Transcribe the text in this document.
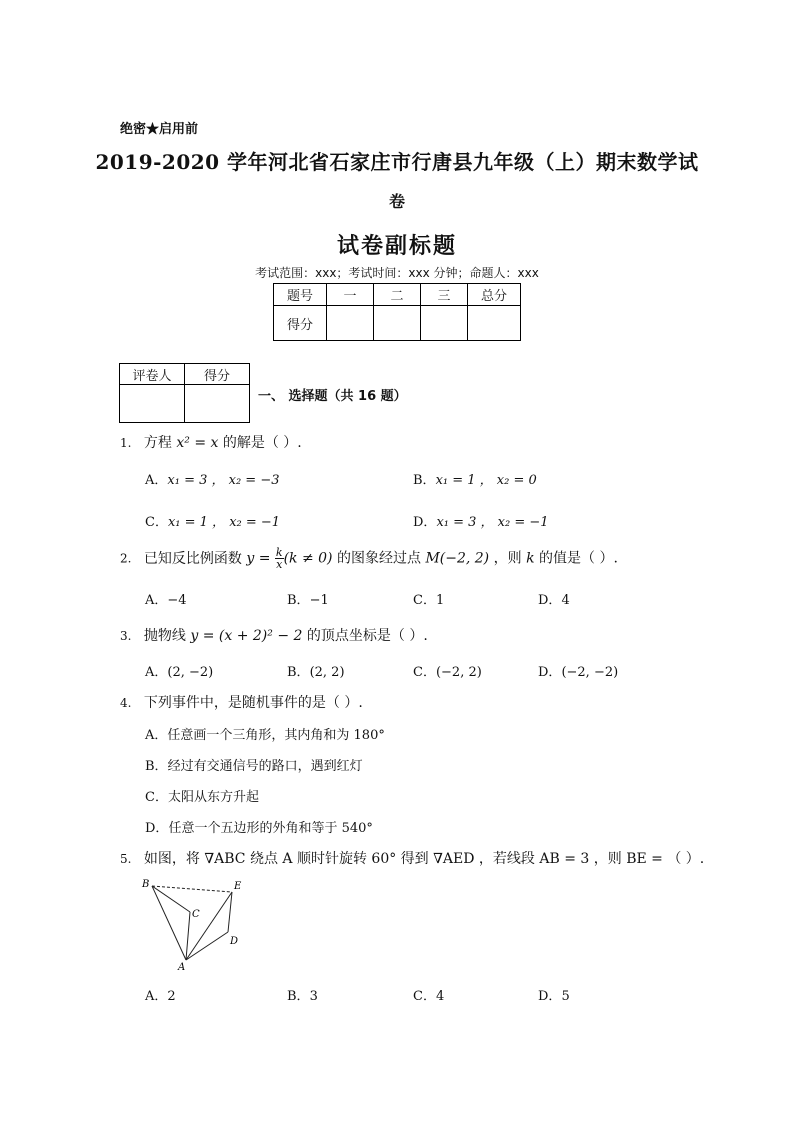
绝密★启用前
2019-2020 学年河北省石家庄市行唐县九年级（上）期末数学试
卷
试卷副标题
考试范围：xxx；考试时间：xxx 分钟；命题人：xxx
题号	一	二	三	总分
得分				
评卷人	得分

一、 选择题（共 16 题）
1. 方程 x² = x 的解是（ ）.
A．x₁ = 3 ， x₂ = −3	B．x₁ = 1 ， x₂ = 0
C．x₁ = 1 ， x₂ = −1	D．x₁ = 3 ， x₂ = −1
2. 已知反比例函数 $y = \frac{k}{x} (k \ne 0)$ 的图象经过点 M(−2, 2) ，则 k 的值是（ ）.
A．−4	B．−1	C．1	D．4
3. 抛物线 y = (x + 2)² − 2 的顶点坐标是（ ）.
A．(2, −2)	B．(2, 2)	C．(−2, 2)	D．(−2, −2)
4. 下列事件中，是随机事件的是（ ）.
A．任意画一个三角形，其内角和为 180°
B．经过有交通信号的路口，遇到红灯
C．太阳从东方升起
D．任意一个五边形的外角和等于 540°
5. 如图，将 ∇ABC 绕点 A 顺时针旋转 60° 得到 ∇AED ，若线段 AB = 3 ，则 BE = （ ）.
B	E
C
D
A
A．2	B．3	C．4	D．5
